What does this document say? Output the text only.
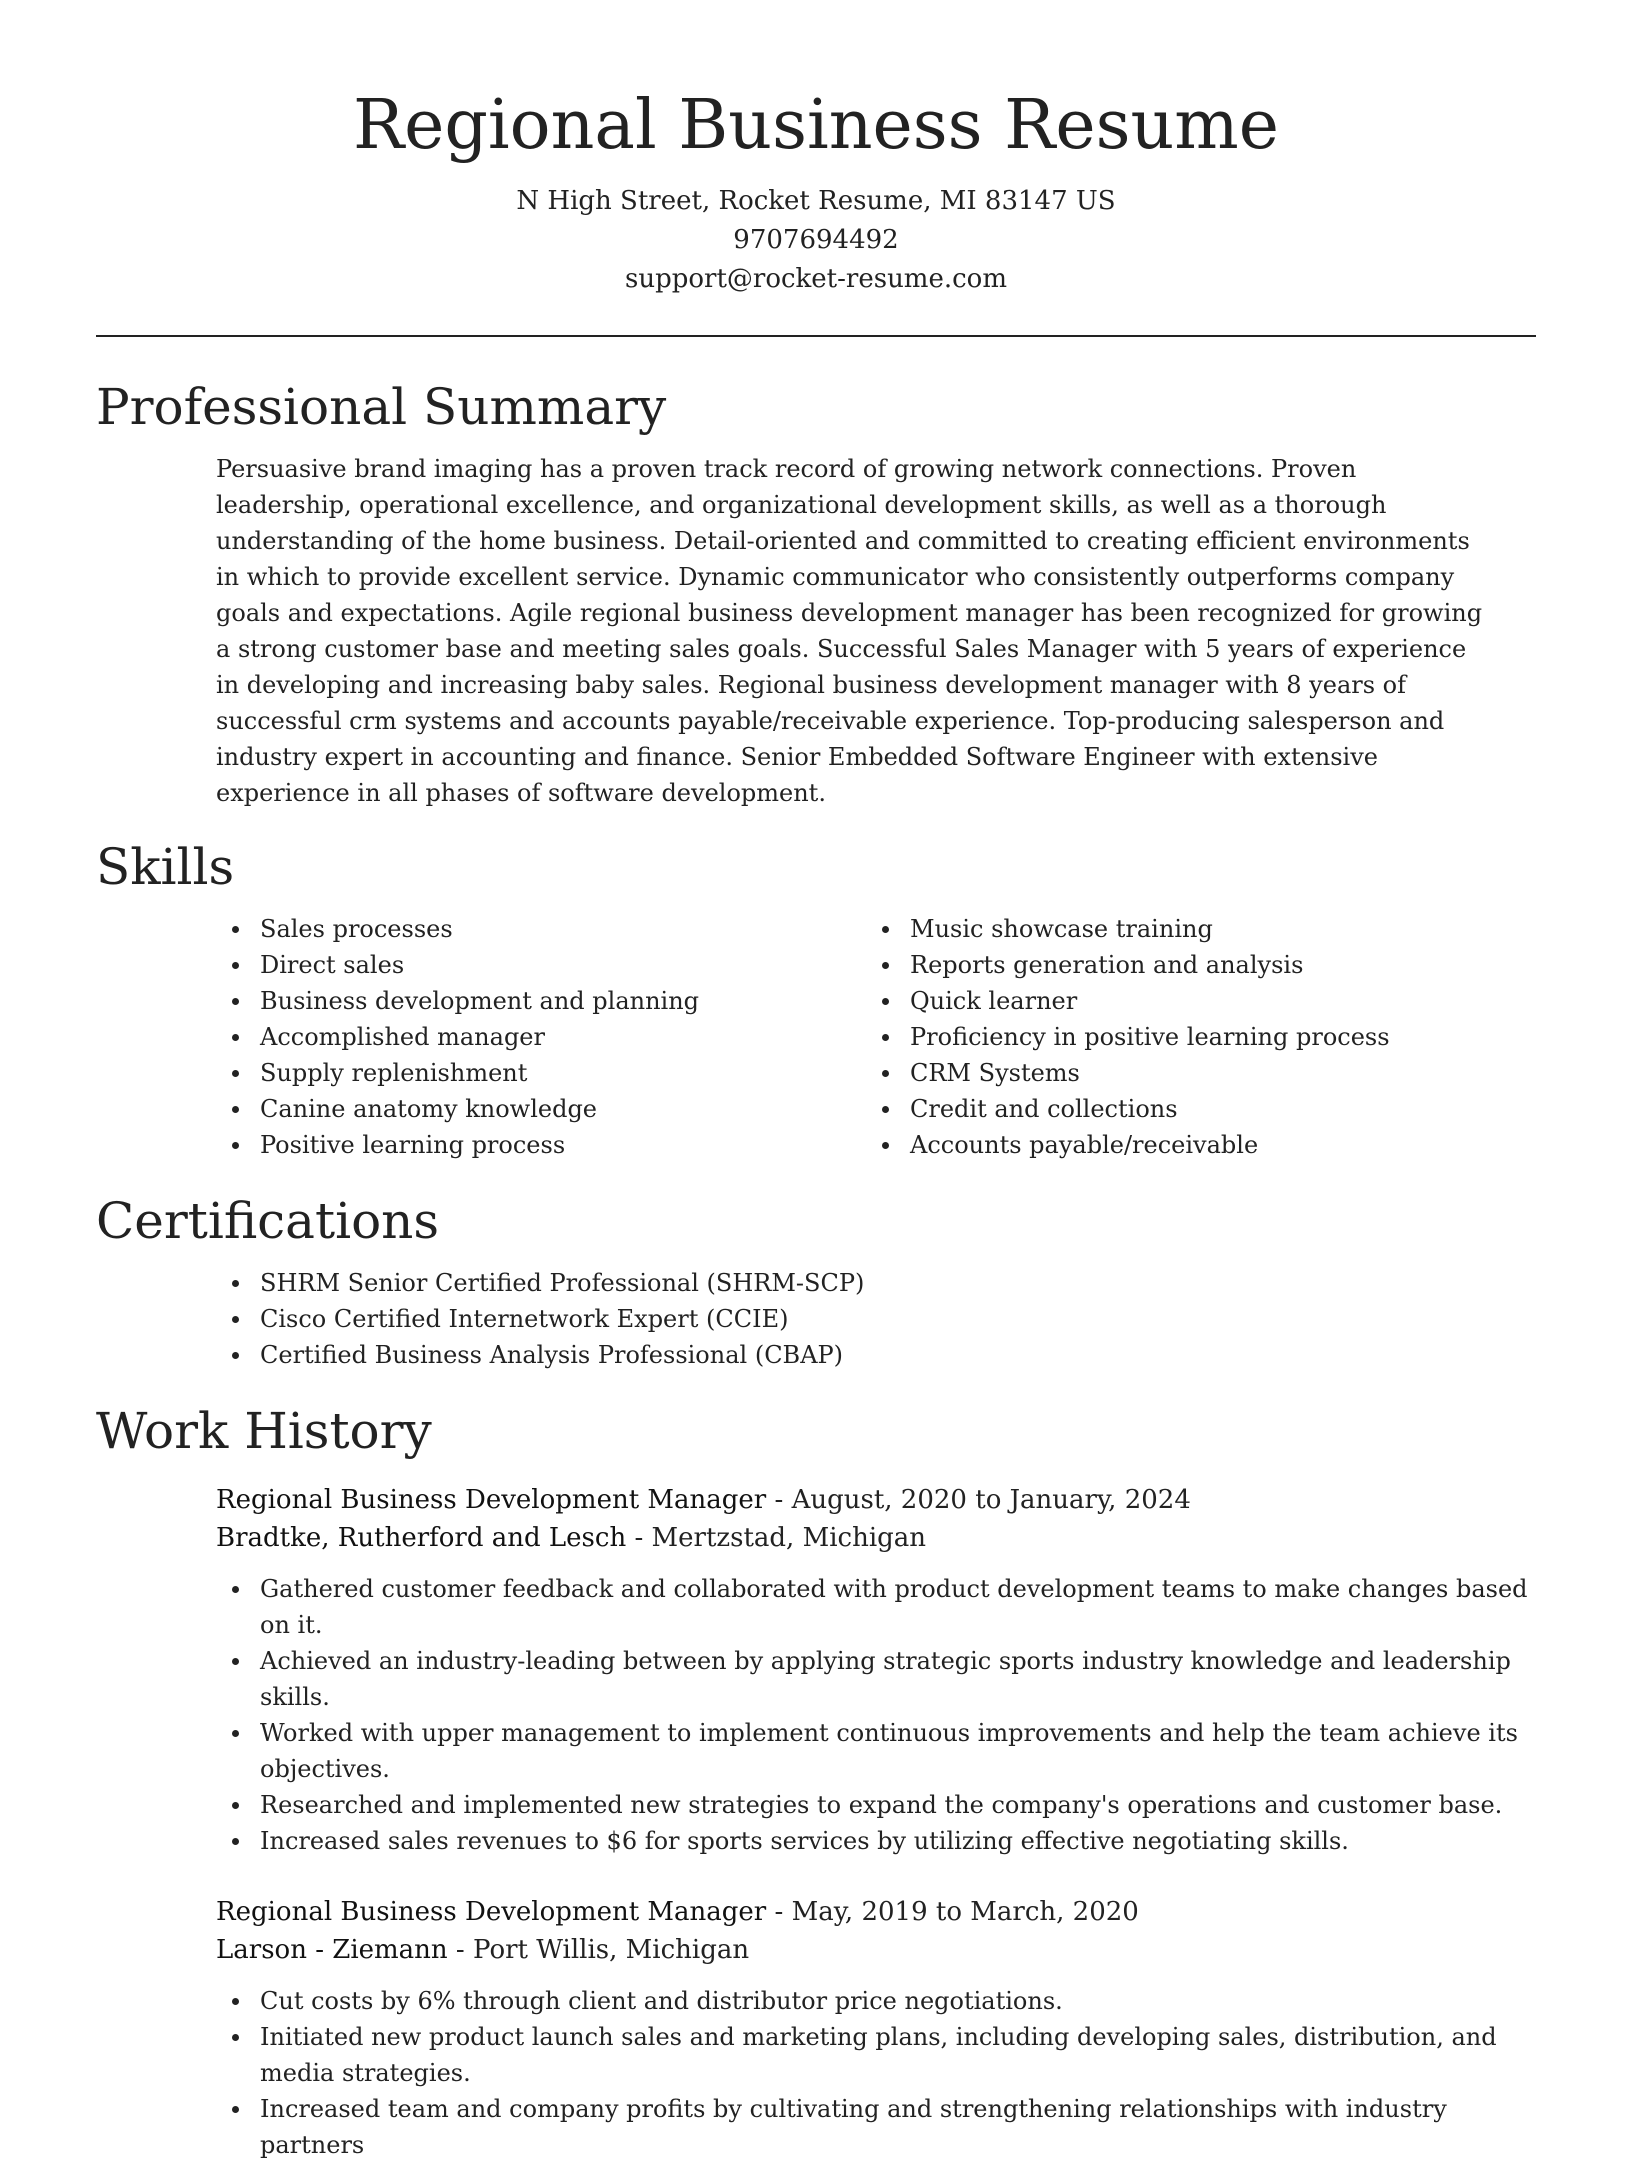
Regional Business Resume
N High Street, Rocket Resume, MI 83147 US
9707694492
support@rocket-resume.com
Professional Summary

Persuasive brand imaging has a proven track record of growing network connections. Proven leadership, operational excellence, and organizational development skills, as well as a thorough understanding of the home business. Detail-oriented and committed to creating efficient environments in which to provide excellent service. Dynamic communicator who consistently outperforms company goals and expectations. Agile regional business development manager has been recognized for growing a strong customer base and meeting sales goals. Successful Sales Manager with 5 years of experience in developing and increasing baby sales. Regional business development manager with 8 years of successful crm systems and accounts payable/receivable experience. Top-producing salesperson and industry expert in accounting and finance. Senior Embedded Software Engineer with extensive experience in all phases of software development.

Skills
Sales processes
Direct sales
Business development and planning
Accomplished manager
Supply replenishment
Canine anatomy knowledge
Positive learning process
Music showcase training
Reports generation and analysis
Quick learner
Proficiency in positive learning process
CRM Systems
Credit and collections
Accounts payable/receivable
Certifications
SHRM Senior Certified Professional (SHRM-SCP)
Cisco Certified Internetwork Expert (CCIE)
Certified Business Analysis Professional (CBAP)
Work History
Regional Business Development Manager - August, 2020 to January, 2024
Bradtke, Rutherford and Lesch - Mertzstad, Michigan
Gathered customer feedback and collaborated with product development teams to make changes based on it.
Achieved an industry-leading between by applying strategic sports industry knowledge and leadership skills.
Worked with upper management to implement continuous improvements and help the team achieve its objectives.
Researched and implemented new strategies to expand the company's operations and customer base.
Increased sales revenues to $6 for sports services by utilizing effective negotiating skills.
Regional Business Development Manager - May, 2019 to March, 2020
Larson - Ziemann - Port Willis, Michigan
Cut costs by 6% through client and distributor price negotiations.
Initiated new product launch sales and marketing plans, including developing sales, distribution, and media strategies.
Increased team and company profits by cultivating and strengthening relationships with industry partners
